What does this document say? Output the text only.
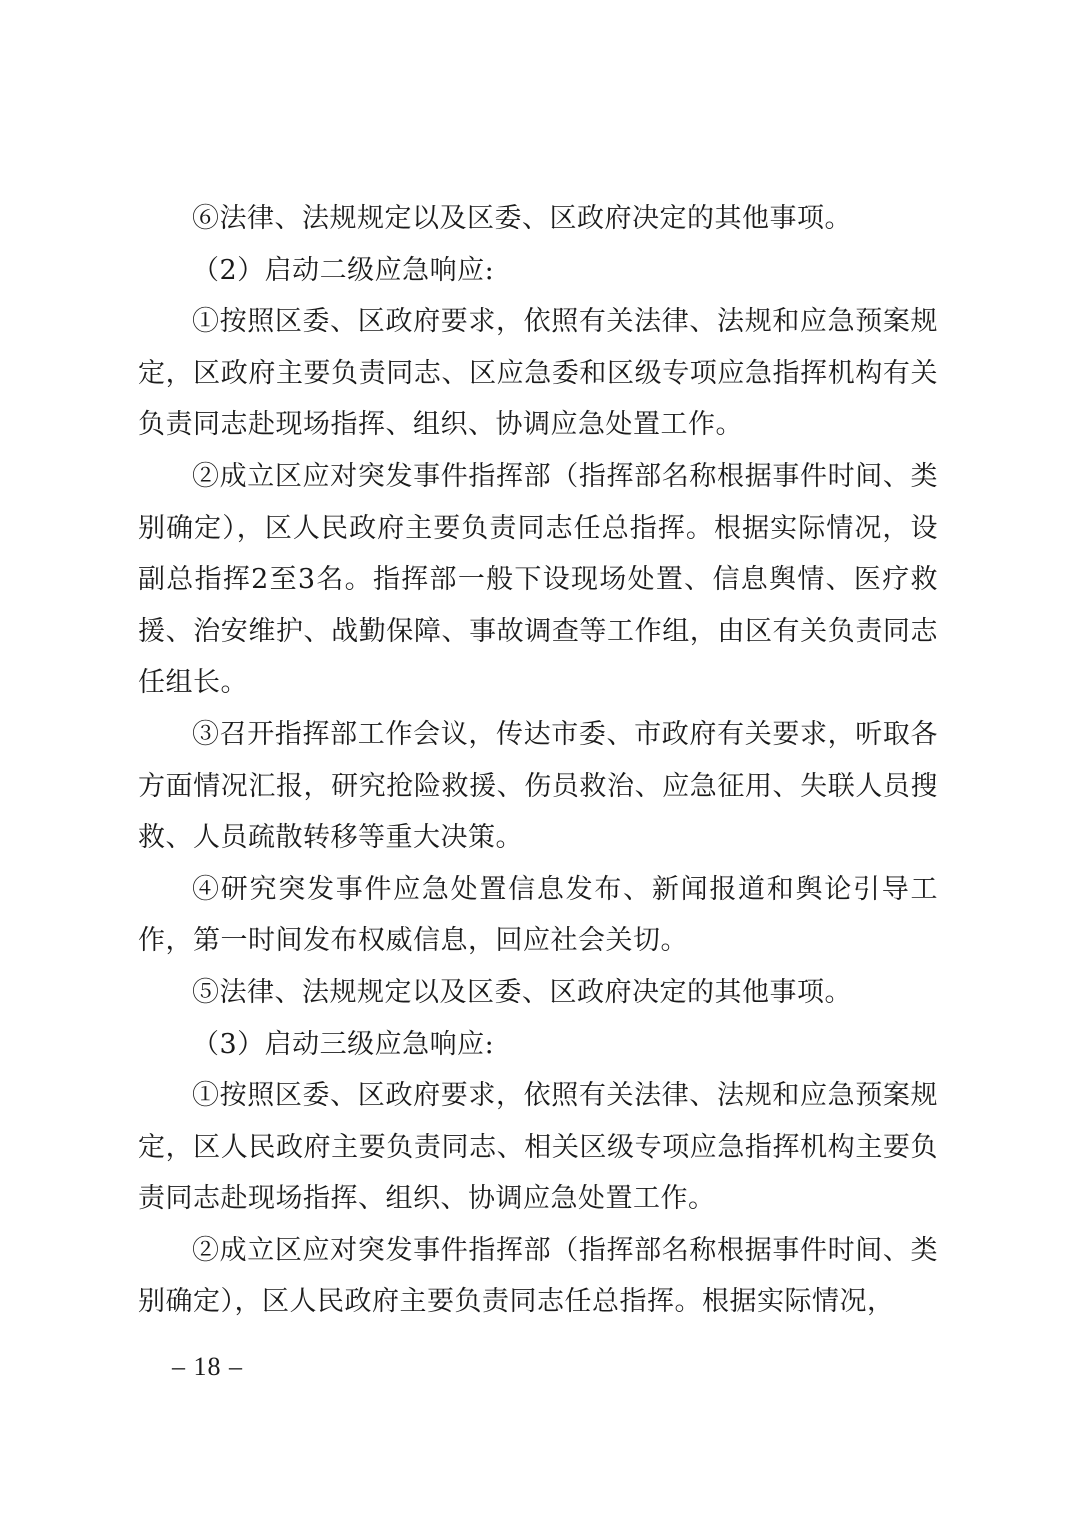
⑥法律、法规规定以及区委、区政府决定的其他事项。

（2）启动二级应急响应:

①按照区委、区政府要求，依照有关法律、法规和应急预案规定，区政府主要负责同志、区应急委和区级专项应急指挥机构有关负责同志赴现场指挥、组织、协调应急处置工作。

②成立区应对突发事件指挥部（指挥部名称根据事件时间、类别确定），区人民政府主要负责同志任总指挥。根据实际情况，设副总指挥2至3名。指挥部一般下设现场处置、信息舆情、医疗救援、治安维护、战勤保障、事故调查等工作组，由区有关负责同志任组长。

③召开指挥部工作会议，传达市委、市政府有关要求，听取各方面情况汇报，研究抢险救援、伤员救治、应急征用、失联人员搜救、人员疏散转移等重大决策。

④研究突发事件应急处置信息发布、新闻报道和舆论引导工作，第一时间发布权威信息，回应社会关切。

⑤法律、法规规定以及区委、区政府决定的其他事项。

（3）启动三级应急响应:

①按照区委、区政府要求，依照有关法律、法规和应急预案规定，区人民政府主要负责同志、相关区级专项应急指挥机构主要负责同志赴现场指挥、组织、协调应急处置工作。

②成立区应对突发事件指挥部（指挥部名称根据事件时间、类别确定），区人民政府主要负责同志任总指挥。根据实际情况，

– 18 –
